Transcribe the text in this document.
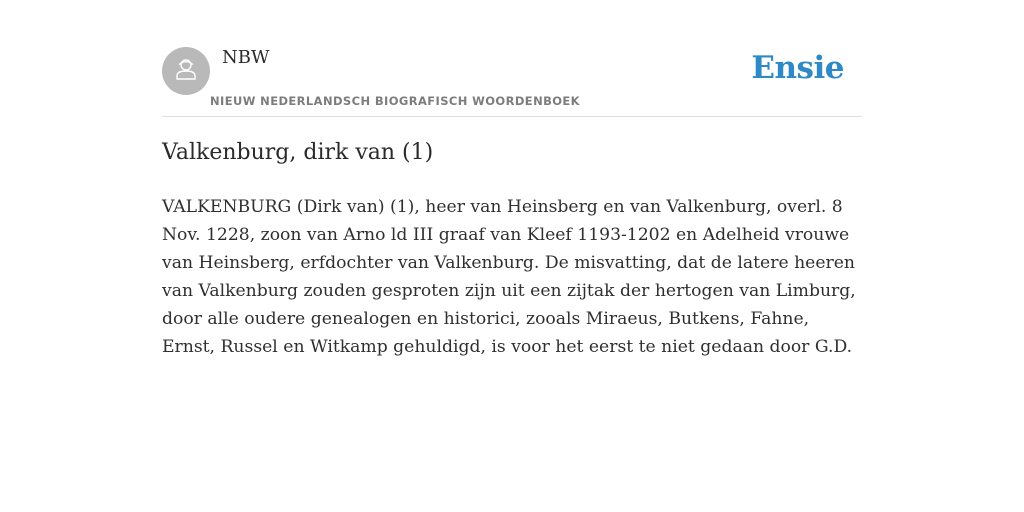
NBW
NIEUW NEDERLANDSCH BIOGRAFISCH WOORDENBOEK
Ensie
Valkenburg, dirk van (1)

VALKENBURG (Dirk van) (1), heer van Heinsberg en van Valkenburg, overl. 8 Nov. 1228, zoon van Arno ld III graaf van Kleef 1193-1202 en Adelheid vrouwe van Heinsberg, erfdochter van Valkenburg. De misvatting, dat de latere heeren van Valkenburg zouden gesproten zijn uit een zijtak der hertogen van Limburg, door alle oudere genealogen en historici, zooals Miraeus, Butkens, Fahne, Ernst, Russel en Witkamp gehuldigd, is voor het eerst te niet gedaan door G.D.
